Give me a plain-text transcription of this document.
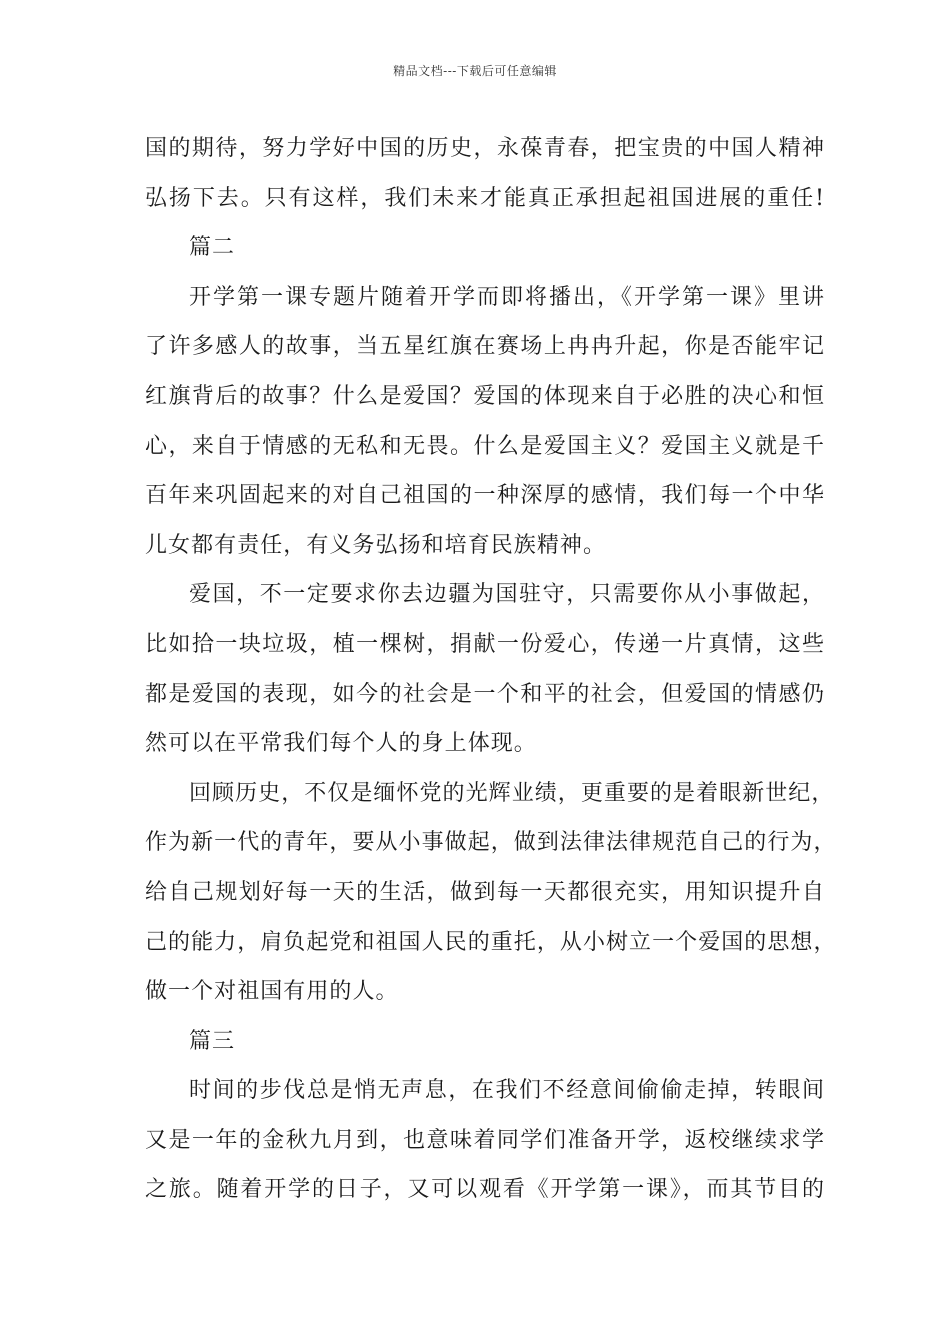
精品文档---下载后可任意编辑
国的期待，努力学好中国的历史，永葆青春，把宝贵的中国人精神
弘扬下去。只有这样，我们未来才能真正承担起祖国进展的重任!
篇二
开学第一课专题片随着开学而即将播出，《开学第一课》里讲
了许多感人的故事，当五星红旗在赛场上冉冉升起，你是否能牢记
红旗背后的故事？什么是爱国？爱国的体现来自于必胜的决心和恒
心，来自于情感的无私和无畏。什么是爱国主义？爱国主义就是千
百年来巩固起来的对自己祖国的一种深厚的感情，我们每一个中华
儿女都有责任，有义务弘扬和培育民族精神。
爱国，不一定要求你去边疆为国驻守，只需要你从小事做起，
比如拾一块垃圾，植一棵树，捐献一份爱心，传递一片真情，这些
都是爱国的表现，如今的社会是一个和平的社会，但爱国的情感仍
然可以在平常我们每个人的身上体现。
回顾历史，不仅是缅怀党的光辉业绩，更重要的是着眼新世纪，
作为新一代的青年，要从小事做起，做到法律法律规范自己的行为，
给自己规划好每一天的生活，做到每一天都很充实，用知识提升自
己的能力，肩负起党和祖国人民的重托，从小树立一个爱国的思想，
做一个对祖国有用的人。
篇三
时间的步伐总是悄无声息，在我们不经意间偷偷走掉，转眼间
又是一年的金秋九月到，也意味着同学们准备开学，返校继续求学
之旅。随着开学的日子，又可以观看《开学第一课》，而其节目的
